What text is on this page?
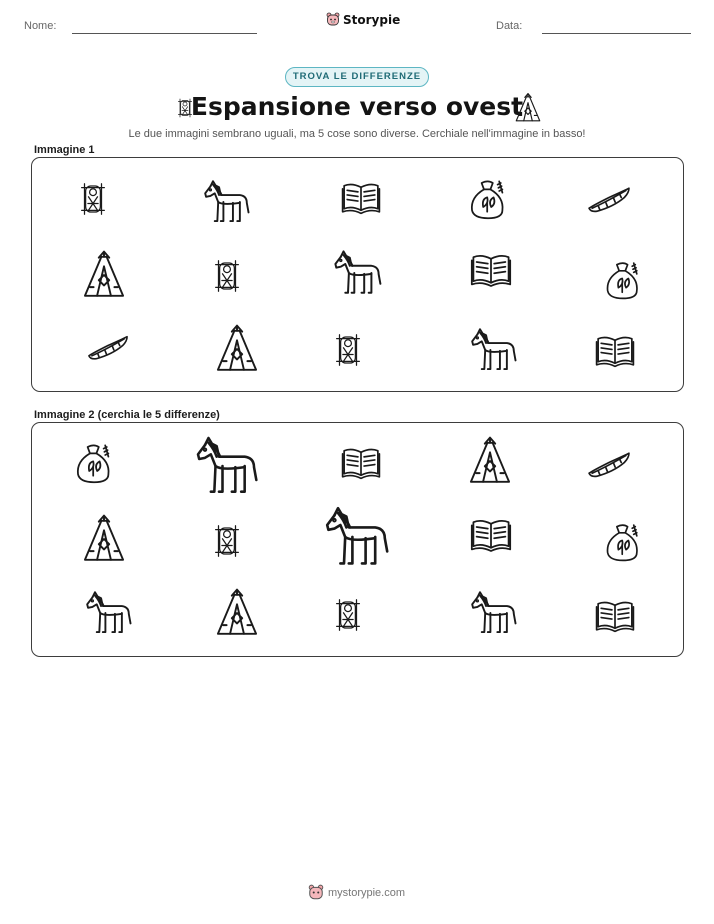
Nome:	Storypie	Data:
TROVA LE DIFFERENZE
Espansione verso ovest
Le due immagini sembrano uguali, ma 5 cose sono diverse. Cerchiale nell'immagine in basso!
Immagine 1
Immagine 2 (cerchia le 5 differenze)
mystorypie.com
